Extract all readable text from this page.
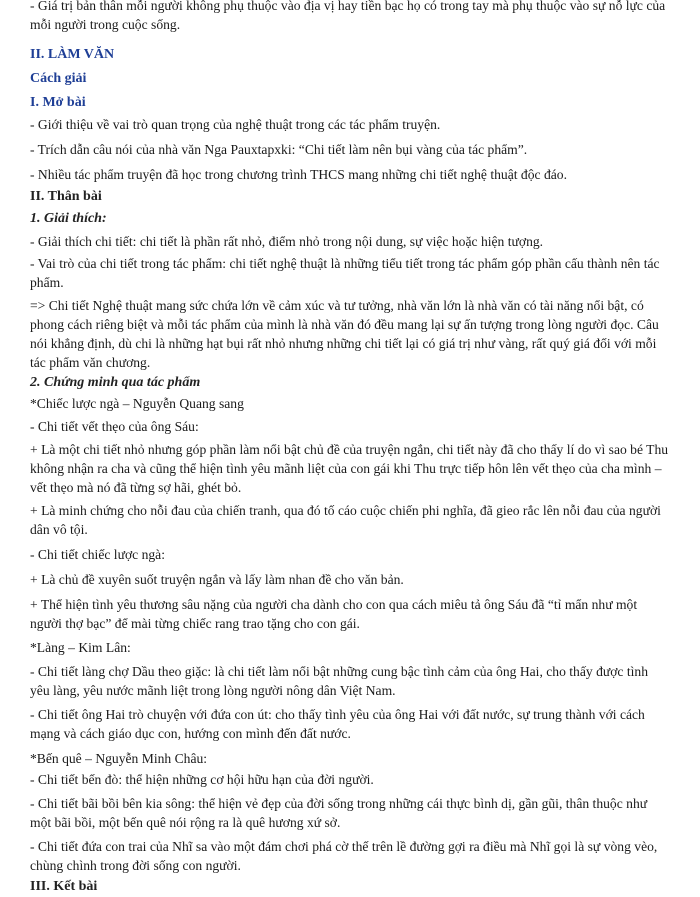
- Giá trị bản thân mỗi người không phụ thuộc vào địa vị hay tiền bạc họ có trong tay mà phụ thuộc vào sự nỗ lực của mỗi người trong cuộc sống.

II. LÀM VĂN

Cách giải

I. Mở bài

- Giới thiệu về vai trò quan trọng của nghệ thuật trong các tác phẩm truyện.

- Trích dẫn câu nói của nhà văn Nga Pauxtapxki: “Chi tiết làm nên bụi vàng của tác phẩm”.

- Nhiều tác phẩm truyện đã học trong chương trình THCS mang những chi tiết nghệ thuật độc đáo.

II. Thân bài

1. Giải thích:

- Giải thích chi tiết: chi tiết là phần rất nhỏ, điểm nhỏ trong nội dung, sự việc hoặc hiện tượng.

- Vai trò của chi tiết trong tác phẩm: chi tiết nghệ thuật là những tiểu tiết trong tác phẩm góp phần cấu thành nên tác phẩm.

=> Chi tiết Nghệ thuật mang sức chứa lớn về cảm xúc và tư tưởng, nhà văn lớn là nhà văn có tài năng nổi bật, có phong cách riêng biệt và mỗi tác phẩm của mình là nhà văn đó đều mang lại sự ấn tượng trong lòng người đọc. Câu nói khẳng định, dù chi là những hạt bụi rất nhỏ nhưng những chi tiết lại có giá trị như vàng, rất quý giá đối với mỗi tác phẩm văn chương.

2. Chứng minh qua tác phẩm

*Chiếc lược ngà – Nguyễn Quang sang

- Chi tiết vết thẹo của ông Sáu:

+ Là một chi tiết nhỏ nhưng góp phần làm nổi bật chủ đề của truyện ngắn, chi tiết này đã cho thấy lí do vì sao bé Thu không nhận ra cha và cũng thể hiện tình yêu mãnh liệt của con gái khi Thu trực tiếp hôn lên vết thẹo của cha mình – vết thẹo mà nó đã từng sợ hãi, ghét bỏ.

+ Là minh chứng cho nỗi đau của chiến tranh, qua đó tố cáo cuộc chiến phi nghĩa, đã gieo rắc lên nỗi đau của người dân vô tội.

- Chi tiết chiếc lược ngà:

+ Là chủ đề xuyên suốt truyện ngắn và lấy làm nhan đề cho văn bản.

+ Thể hiện tình yêu thương sâu nặng của người cha dành cho con qua cách miêu tả ông Sáu đã “tỉ mẩn như một người thợ bạc” để mài từng chiếc rang trao tặng cho con gái.

*Làng – Kim Lân:

- Chi tiết làng chợ Dầu theo giặc: là chi tiết làm nổi bật những cung bậc tình cảm của ông Hai, cho thấy được tình yêu làng, yêu nước mãnh liệt trong lòng người nông dân Việt Nam.

- Chi tiết ông Hai trò chuyện với đứa con út: cho thấy tình yêu của ông Hai với đất nước, sự trung thành với cách mạng và cách giáo dục con, hướng con mình đến đất nước.

*Bến quê – Nguyễn Minh Châu:

- Chi tiết bến đò: thể hiện những cơ hội hữu hạn của đời người.

- Chi tiết bãi bồi bên kia sông: thể hiện vẻ đẹp của đời sống trong những cái thực bình dị, gần gũi, thân thuộc như một bãi bồi, một bến quê nói rộng ra là quê hương xứ sở.

- Chi tiết đứa con trai của Nhĩ sa vào một đám chơi phá cờ thế trên lề đường gợi ra điều mà Nhĩ gọi là sự vòng vèo, chùng chình trong đời sống con người.

III. Kết bài
